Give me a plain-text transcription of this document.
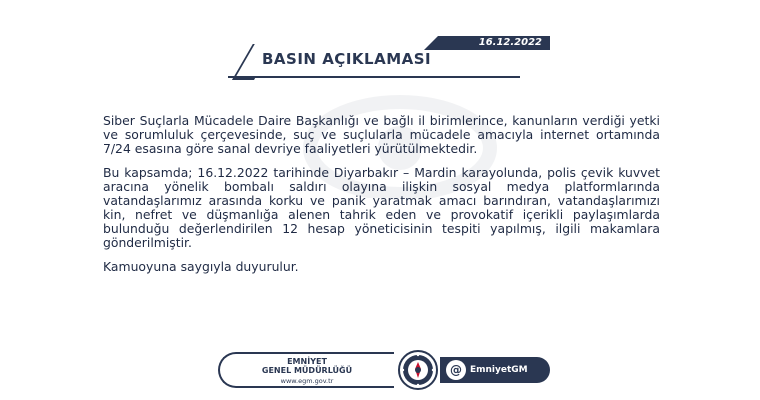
16.12.2022
BASIN AÇIKLAMASI

Siber Suçlarla Mücadele Daire Başkanlığı ve bağlı il birimlerince, kanunların verdiği yetki ve sorumluluk çerçevesinde, suç ve suçlularla mücadele amacıyla internet ortamında 7/24 esasına göre sanal devriye faaliyetleri yürütülmektedir.

Bu kapsamda; 16.12.2022 tarihinde Diyarbakır – Mardin karayolunda, polis çevik kuvvet aracına yönelik bombalı saldırı olayına ilişkin sosyal medya platformlarında vatandaşlarımız arasında korku ve panik yaratmak amacı barındıran, vatandaşlarımızı kin, nefret ve düşmanlığa alenen tahrik eden ve provokatif içerikli paylaşımlarda bulunduğu değerlendirilen 12 hesap yöneticisinin tespiti yapılmış, ilgili makamlara gönderilmiştir.

Kamuoyuna saygıyla duyurulur.

EMNİYET
GENEL MÜDÜRLÜĞÜ
www.egm.gov.tr
@ EmniyetGM
